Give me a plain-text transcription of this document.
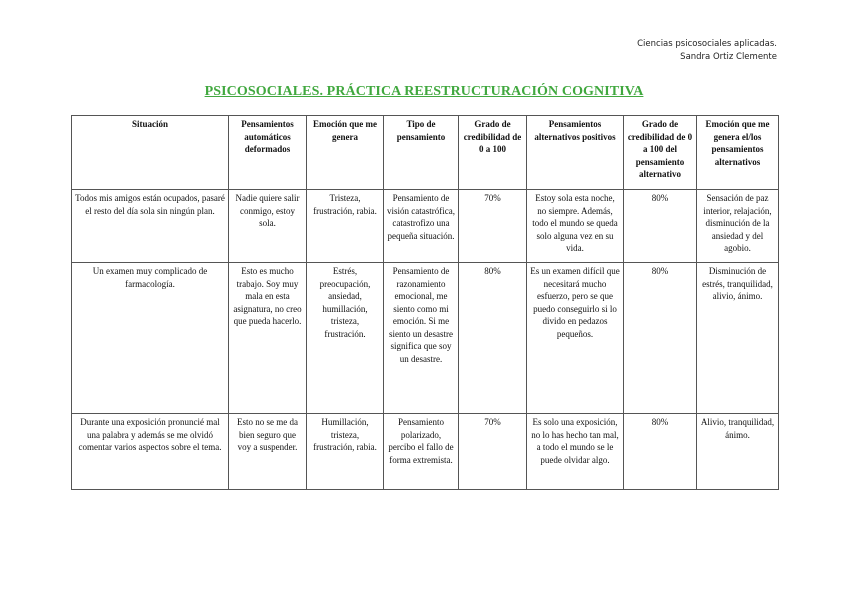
Ciencias psicosociales aplicadas.
Sandra Ortiz Clemente
PSICOSOCIALES. PRÁCTICA REESTRUCTURACIÓN COGNITIVA
Situación	Pensamientos automáticos deformados	Emoción que me genera	Tipo de pensamiento	Grado de credibilidad de 0 a 100	Pensamientos alternativos positivos	Grado de credibilidad de 0 a 100 del pensamiento alternativo	Emoción que me genera el/los pensamientos alternativos
Todos mis amigos están ocupados, pasaré el resto del día sola sin ningún plan.	Nadie quiere salir conmigo, estoy sola.	Tristeza, frustración, rabia.	Pensamiento de visión catastrófica, catastrofizo una pequeña situación.	70%	Estoy sola esta noche, no siempre. Además, todo el mundo se queda solo alguna vez en su vida.	80%	Sensación de paz interior, relajación, disminución de la ansiedad y del agobio.
Un examen muy complicado de farmacología.	Esto es mucho trabajo. Soy muy mala en esta asignatura, no creo que pueda hacerlo.	Estrés, preocupación, ansiedad, humillación, tristeza, frustración.	Pensamiento de razonamiento emocional, me siento como mi emoción. Si me siento un desastre significa que soy un desastre.	80%	Es un examen difícil que necesitará mucho esfuerzo, pero se que puedo conseguirlo si lo divido en pedazos pequeños.	80%	Disminución de estrés, tranquilidad, alivio, ánimo.
Durante una exposición pronuncié mal una palabra y además se me olvidó comentar varios aspectos sobre el tema.	Esto no se me da bien seguro que voy a suspender.	Humillación, tristeza, frustración, rabia.	Pensamiento polarizado, percibo el fallo de forma extremista.	70%	Es solo una exposición, no lo has hecho tan mal, a todo el mundo se le puede olvidar algo.	80%	Alivio, tranquilidad, ánimo.
